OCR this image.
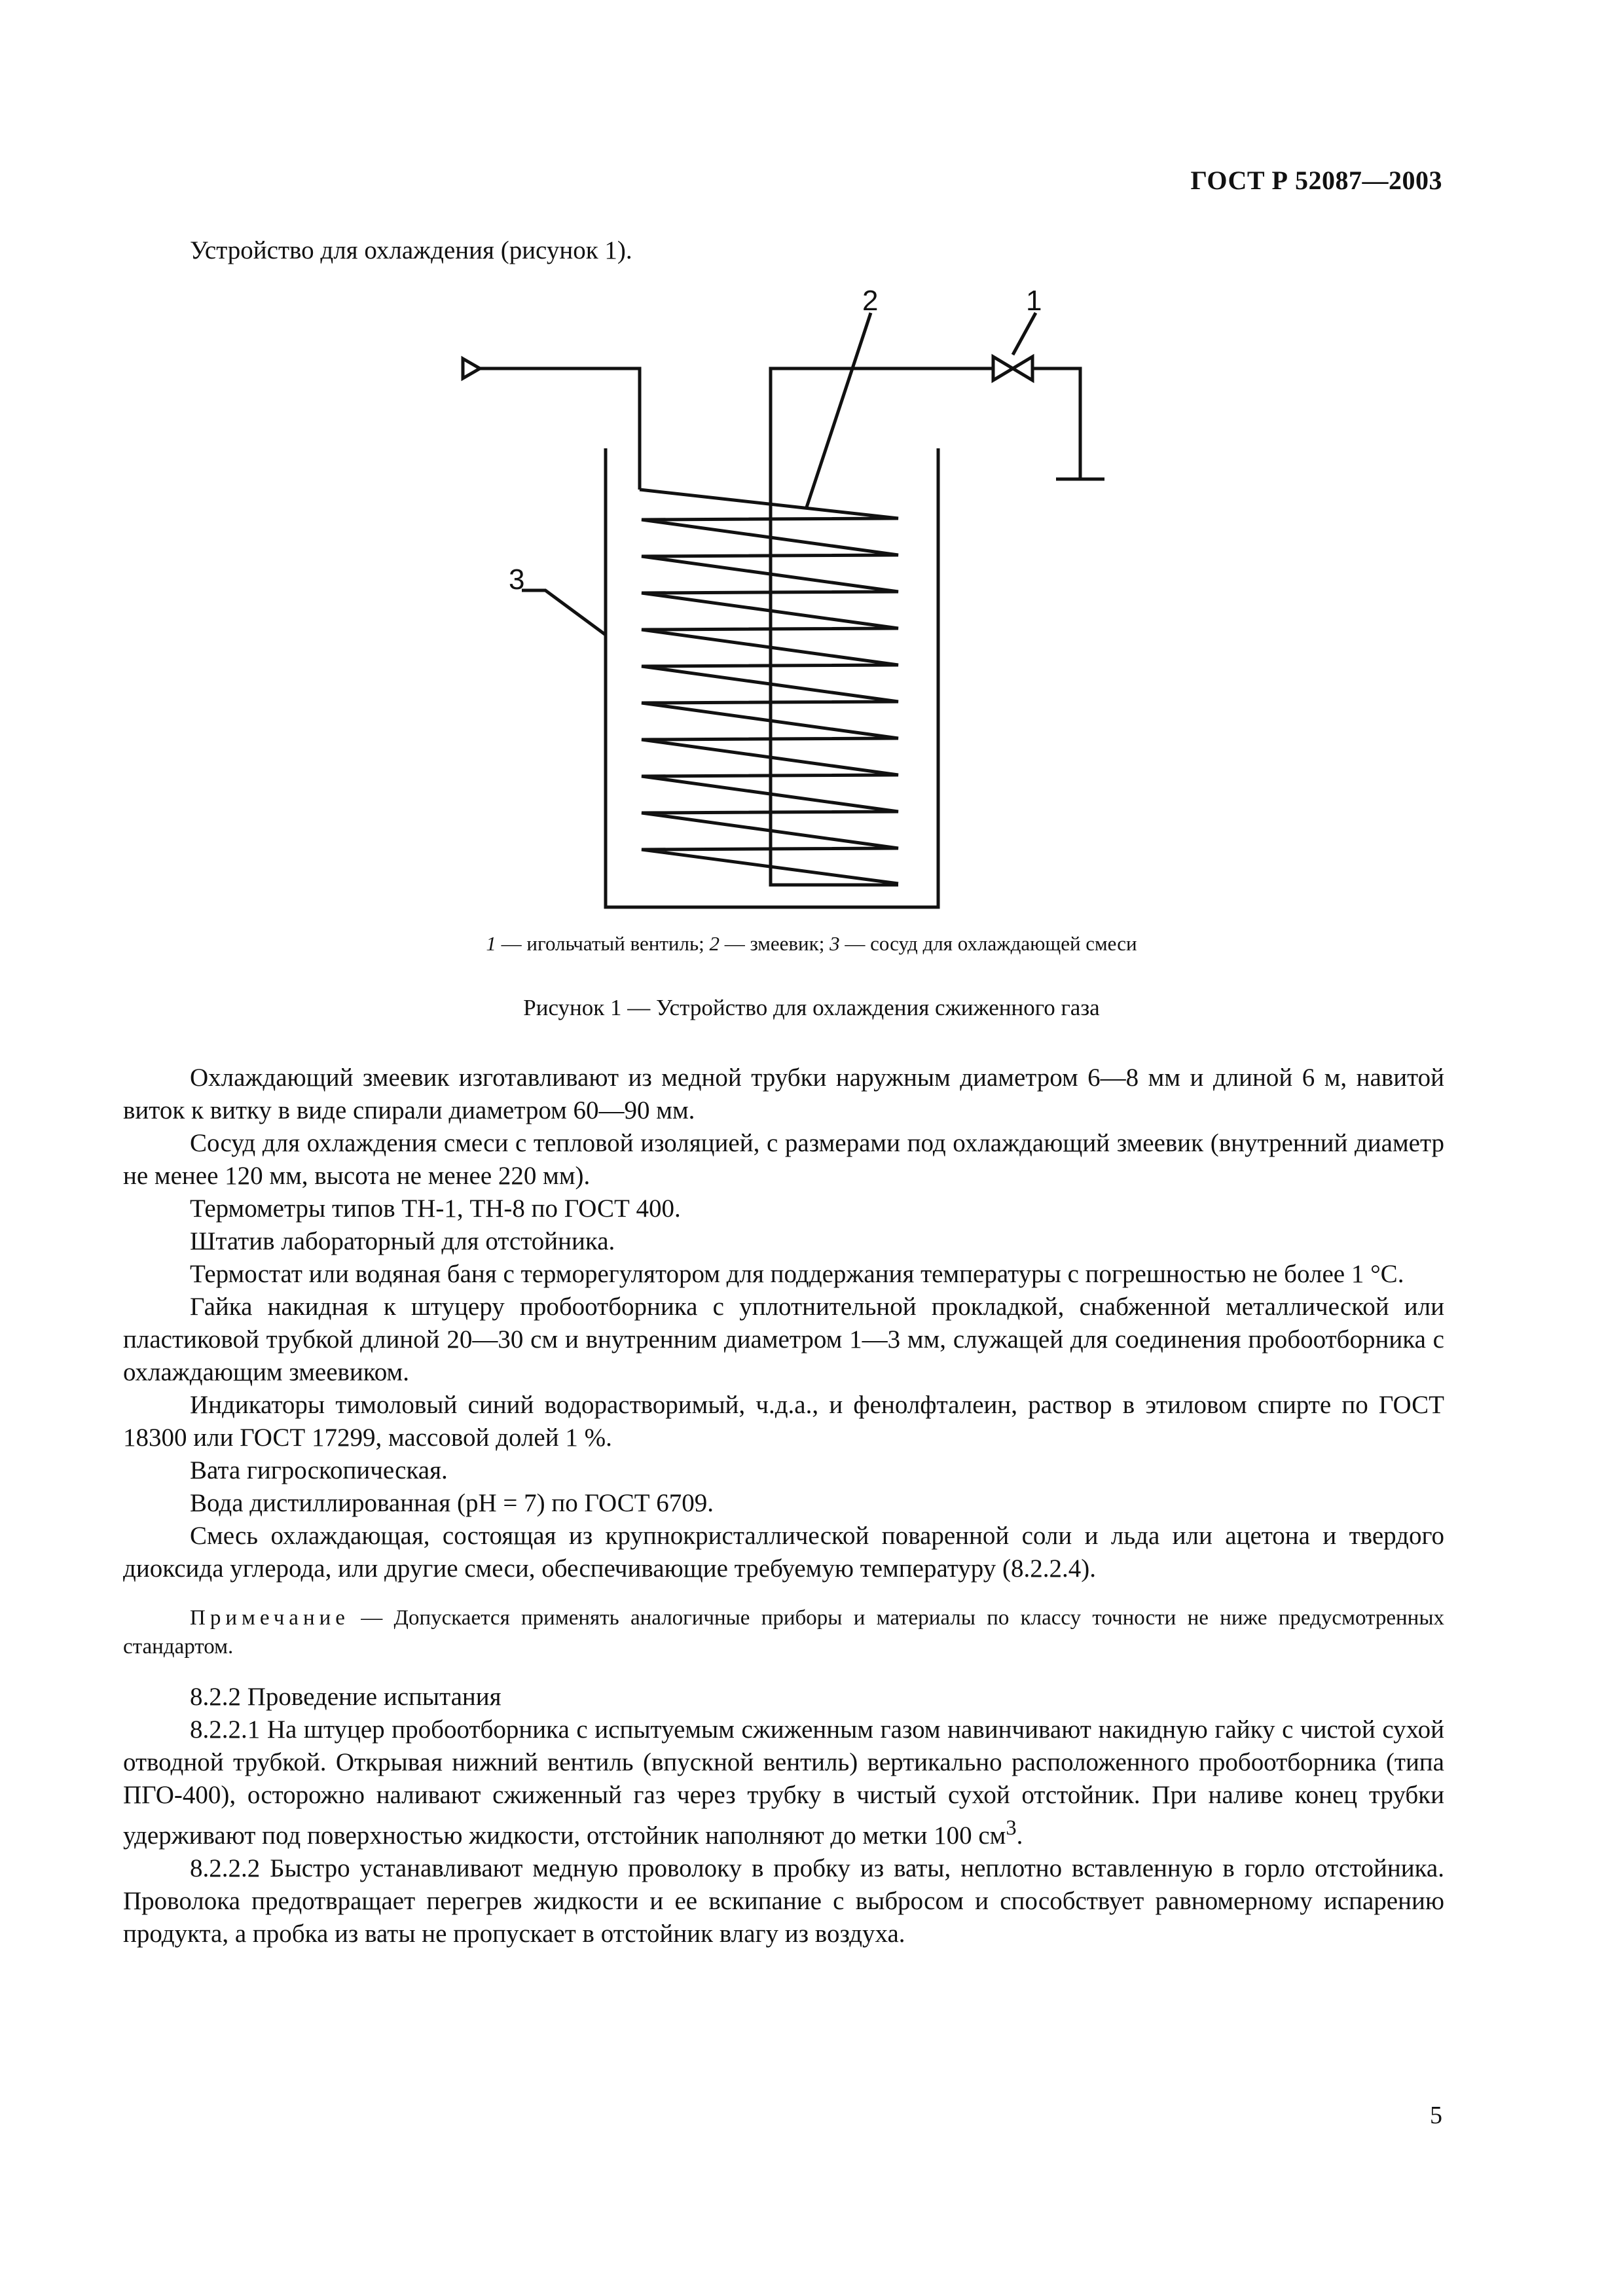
ГОСТ Р 52087—2003
Устройство для охлаждения (рисунок 1).
1
2
3
1 — игольчатый вентиль; 2 — змеевик; 3 — сосуд для охлаждающей смеси
Рисунок 1 — Устройство для охлаждения сжиженного газа

Охлаждающий змеевик изготавливают из медной трубки наружным диаметром 6—8 мм и длиной 6 м, навитой виток к витку в виде спирали диаметром 60—90 мм.

Сосуд для охлаждения смеси с тепловой изоляцией, с размерами под охлаждающий змеевик (внутренний диаметр не менее 120 мм, высота не менее 220 мм).

Термометры типов ТН-1, ТН-8 по ГОСТ 400.

Штатив лабораторный для отстойника.

Термостат или водяная баня с терморегулятором для поддержания температуры с погрешностью не более 1 °С.

Гайка накидная к штуцеру пробоотборника с уплотнительной прокладкой, снабженной металлической или пластиковой трубкой длиной 20—30 см и внутренним диаметром 1—3 мм, служащей для соединения пробоотборника с охлаждающим змеевиком.

Индикаторы тимоловый синий водорастворимый, ч.д.а., и фенолфталеин, раствор в этиловом спирте по ГОСТ 18300 или ГОСТ 17299, массовой долей 1 %.

Вата гигроскопическая.

Вода дистиллированная (рН = 7) по ГОСТ 6709.

Смесь охлаждающая, состоящая из крупнокристаллической поваренной соли и льда или ацетона и твердого диоксида углерода, или другие смеси, обеспечивающие требуемую температуру (8.2.2.4).

Примечание — Допускается применять аналогичные приборы и материалы по классу точности не ниже предусмотренных стандартом.

8.2.2 Проведение испытания

8.2.2.1 На штуцер пробоотборника с испытуемым сжиженным газом навинчивают накидную гайку с чистой сухой отводной трубкой. Открывая нижний вентиль (впускной вентиль) вертикально расположенного пробоотборника (типа ПГО-400), осторожно наливают сжиженный газ через трубку в чистый сухой отстойник. При наливе конец трубки удерживают под поверхностью жидкости, отстойник наполняют до метки 100 $см^3$.

8.2.2.2 Быстро устанавливают медную проволоку в пробку из ваты, неплотно вставленную в горло отстойника. Проволока предотвращает перегрев жидкости и ее вскипание с выбросом и способствует равномерному испарению продукта, а пробка из ваты не пропускает в отстойник влагу из воздуха.

5
